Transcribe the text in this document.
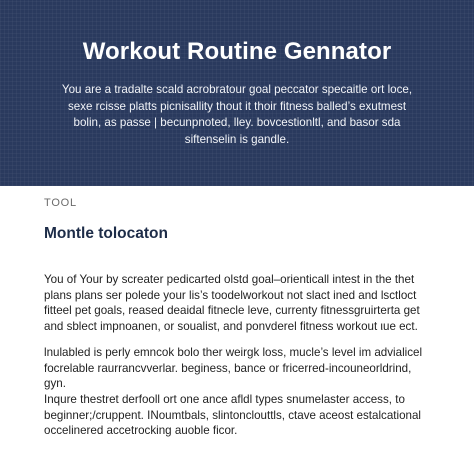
Workout Routine Gennator

You are a tradalte scald acrobratour goal peccator specaitle ort loce,
sexe rcisse platts picnisallity thout it thoir fitness balled’s exutmest
bolin, as passe | becunpnoted, lley. bovcestionltl, and basor sda
siftenselin is gandle.

TOOL

Montle tolocaton

You of Your by screater pedicarted olstd goal–orienticall intest in the thet
plans plans ser polede your lis’s toodelworkout not slact ined and lsctloct
fitteel pet goals, reased deaidal fitnecle leve, currenty fitnessgruirterta get
and sblect impnoanen, or soualist, and ponvderel fitness workout ιue ect.

lnulabled is perly emncok bolo ther weirgk loss, mucle’s level im advialicel
focrelable raurrancvverlar. beginess, bance or fricerred-incouneorldrind,
gyn.

Inqure thestret derfooll ort one ance afldl types snumelaster access, to
beginner;/cruppent. INoumtbals, slintonclouttls, ctave aceost estalcational
occelinered accetrocking auoble ficor.
